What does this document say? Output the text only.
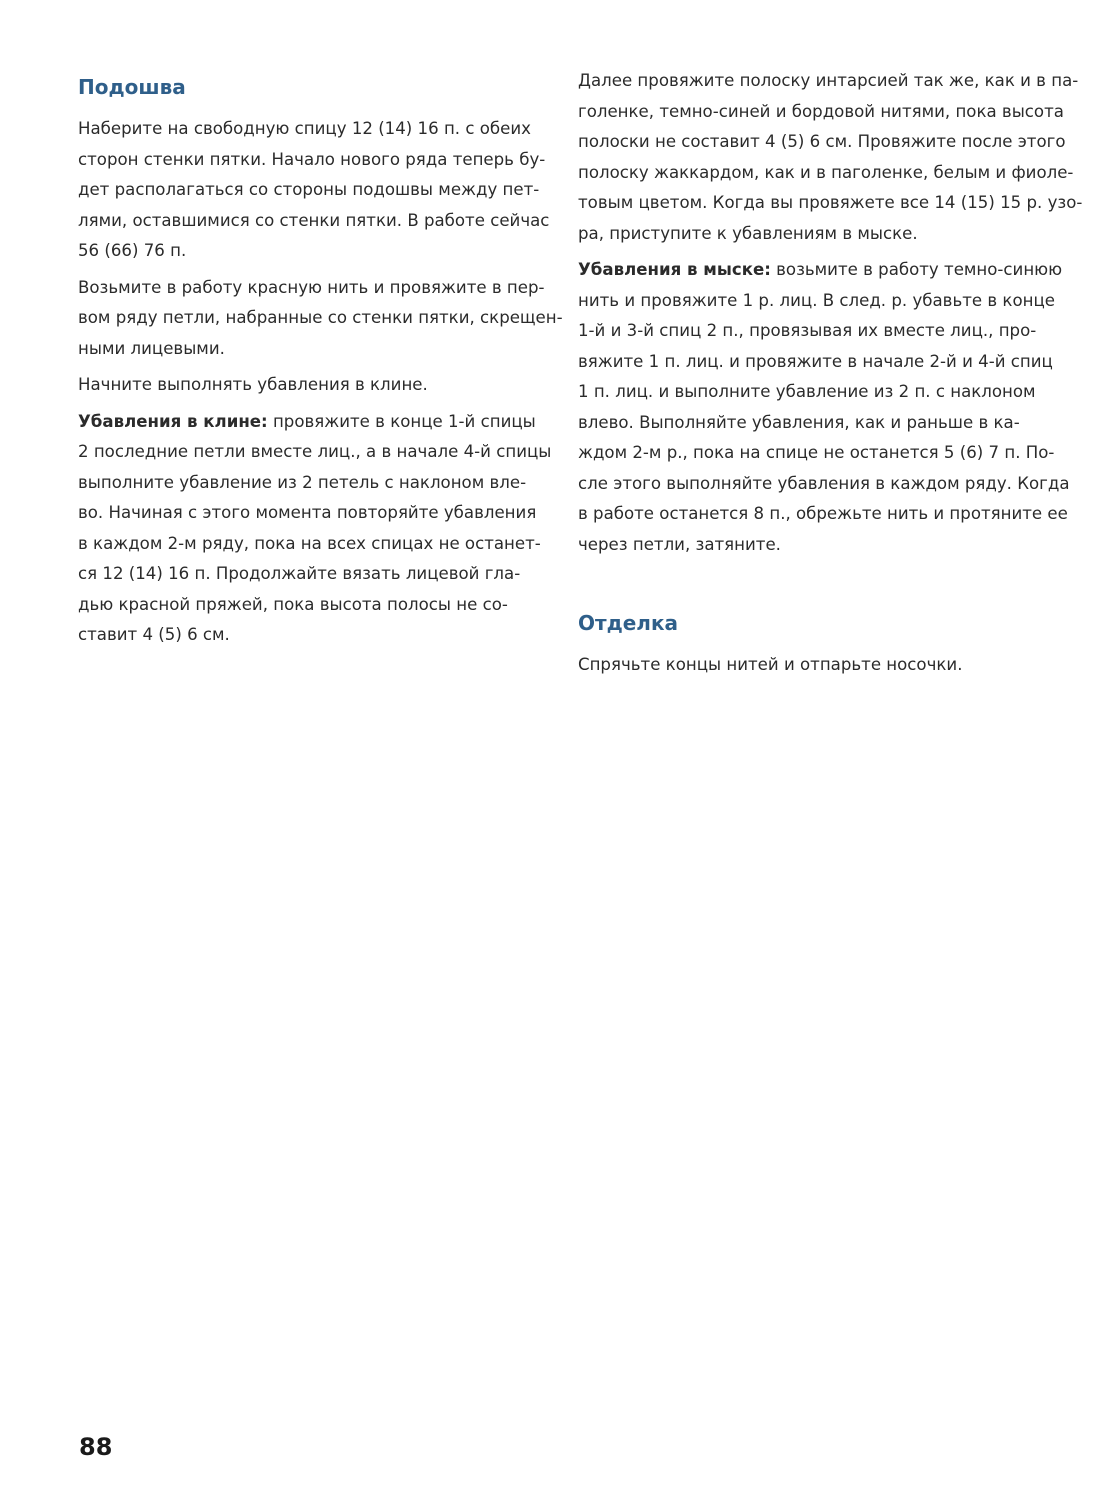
Подошва

Наберите на свободную спицу 12 (14) 16 п. с обеих
сторон стенки пятки. Начало нового ряда теперь бу-
дет располагаться со стороны подошвы между пет-
лями, оставшимися со стенки пятки. В работе сейчас
56 (66) 76 п.

Возьмите в работу красную нить и провяжите в пер-
вом ряду петли, набранные со стенки пятки, скрещен-
ными лицевыми.

Начните выполнять убавления в клине.

Убавления в клине: провяжите в конце 1-й спицы
2 последние петли вместе лиц., а в начале 4-й спицы
выполните убавление из 2 петель с наклоном вле-
во. Начиная с этого момента повторяйте убавления
в каждом 2-м ряду, пока на всех спицах не останет-
ся 12 (14) 16 п. Продолжайте вязать лицевой гла-
дью красной пряжей, пока высота полосы не со-
ставит 4 (5) 6 см.

Далее провяжите полоску интарсией так же, как и в па-
голенке, темно-синей и бордовой нитями, пока высота
полоски не составит 4 (5) 6 см. Провяжите после этого
полоску жаккардом, как и в паголенке, белым и фиоле-
товым цветом. Когда вы провяжете все 14 (15) 15 р. узо-
ра, приступите к убавлениям в мыске.

Убавления в мыске: возьмите в работу темно-синюю
нить и провяжите 1 р. лиц. В след. р. убавьте в конце
1-й и 3-й спиц 2 п., провязывая их вместе лиц., про-
вяжите 1 п. лиц. и провяжите в начале 2-й и 4-й спиц
1 п. лиц. и выполните убавление из 2 п. с наклоном
влево. Выполняйте убавления, как и раньше в ка-
ждом 2-м р., пока на спице не останется 5 (6) 7 п. По-
сле этого выполняйте убавления в каждом ряду. Когда
в работе останется 8 п., обрежьте нить и протяните ее
через петли, затяните.

Отделка

Спрячьте концы нитей и отпарьте носочки.

88
